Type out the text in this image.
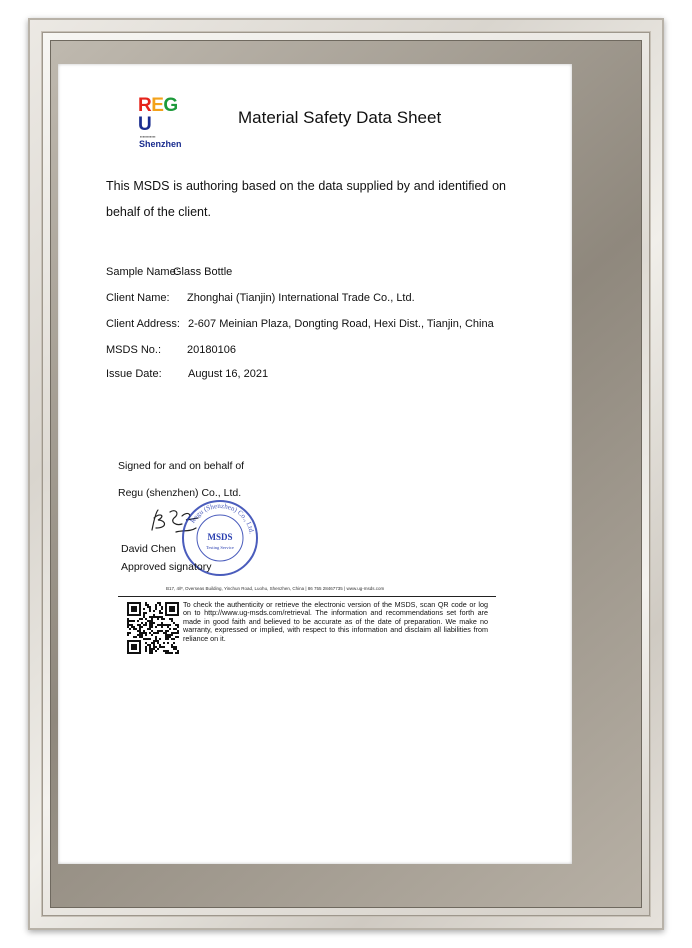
REGU
▪▪▪▪▪▪▪▪▪▪▪
Shenzhen
Material Safety Data Sheet
This MSDS is authoring based on the data supplied by and identified on behalf of the client.
Sample Name:
Glass Bottle
Client Name: Zhonghai (Tianjin) International Trade Co., Ltd.
Client Address: 2-607 Meinian Plaza, Dongting Road, Hexi Dist., Tianjin, China
MSDS No.: 20180106
Issue Date: August 16, 2021
Signed for and on behalf of
Regu (shenzhen) Co., Ltd.
Regu (Shenzhen) Co., Ltd.
MSDS
Testing Service
David Chen
Approved signatory
B17, 4/F, Overseas Building, Yinchun Road, Luohu, Shenzhen, China | 86 755 28467735 | www.ug-msds.com
To check the authenticity or retrieve the electronic version of the MSDS, scan QR code or log on to http://www.ug-msds.com/retrieval. The information and recommendations set forth are made in good faith and believed to be accurate as of the date of preparation. We make no warranty, expressed or implied, with respect to this information and disclaim all liabilities from reliance on it.
